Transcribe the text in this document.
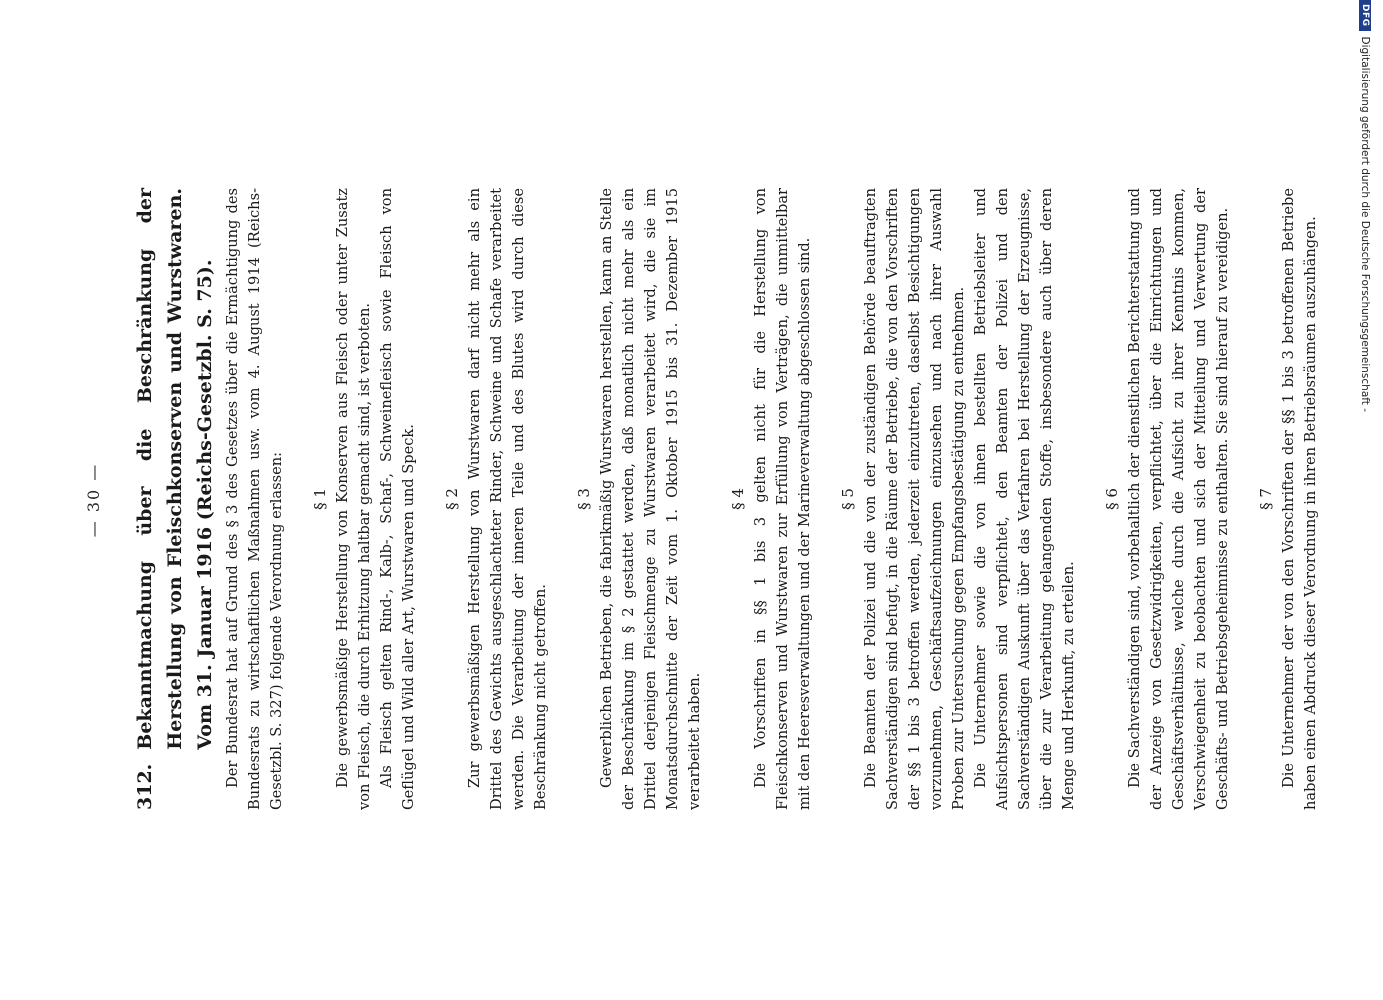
— 30 —
312.
Bekanntmachung über die Beschränkung der Herstellung von Fleischkonserven und Wurstwaren. Vom 31. Januar 1916 (Reichs-Gesetzbl. S. 75). Der Bundesrat hat auf Grund des § 3 des Gesetzes über die Ermächtigung des Bundesrats zu wirtschaftlichen Maßnahmen usw. vom 4. August 1914 (Reichs-Gesetzbl. S. 327) folgende Verordnung erlassen: § 1 Die gewerbsmäßige Herstellung von Konserven aus Fleisch oder unter Zusatz von Fleisch, die durch Erhitzung haltbar gemacht sind, ist verboten. Als Fleisch gelten Rind-, Kalb-, Schaf-, Schweinefleisch sowie Fleisch von Geflügel und Wild aller Art, Wurstwaren und Speck. § 2 Zur gewerbsmäßigen Herstellung von Wurstwaren darf nicht mehr als ein Drittel des Gewichts ausgeschlachteter Rinder, Schweine und Schafe verarbeitet werden. Die Verarbeitung der inneren Teile und des Blutes wird durch diese Beschränkung nicht getroffen.

§ 3 Gewerblichen Betrieben, die fabrikmäßig Wurstwaren herstellen, kann an Stelle der Beschränkung im § 2 gestattet werden, daß monatlich nicht mehr als ein Drittel derjenigen Fleischmenge zu Wurstwaren verarbeitet wird, die sie im Monatsdurchschnitte der Zeit vom 1. Oktober 1915 bis 31. Dezember 1915 verarbeitet haben.

§ 4 Die Vorschriften in §§ 1 bis 3 gelten nicht für die Herstellung von Fleischkonserven und Wurstwaren zur Erfüllung von Verträgen, die unmittelbar mit den Heeresverwaltungen und der Marineverwaltung abgeschlossen sind. § 5 Die Beamten der Polizei und die von der zuständigen Behörde beauftragten Sachverständigen sind befugt, in die Räume der Betriebe, die von den Vorschriften der §§ 1 bis 3 betroffen werden, jederzeit einzutreten, daselbst Besichtigungen vorzunehmen, Geschäftsaufzeichnungen einzusehen und nach ihrer Auswahl Proben zur Untersuchung gegen Empfangsbestätigung zu entnehmen. Die Unternehmer sowie die von ihnen bestellten Betriebsleiter und Aufsichtspersonen sind verpflichtet, den Beamten der Polizei und den Sachverständigen Auskunft über das Verfahren bei Herstellung der Erzeugnisse, über die zur Verarbeitung gelangenden Stoffe, insbesondere auch über deren Menge und Herkunft, zu erteilen.

§ 6 Die Sachverständigen sind, vorbehaltlich der dienstlichen Berichterstattung und der Anzeige von Gesetzwidrigkeiten, verpflichtet, über die Einrichtungen und Geschäftsverhältnisse, welche durch die Aufsicht zu ihrer Kenntnis kommen, Verschwiegenheit zu beobachten und sich der Mitteilung und Verwertung der Geschäfts- und Betriebsgeheimnisse zu enthalten. Sie sind hierauf zu vereidigen. § 7 Die Unternehmer der von den Vorschriften der §§ 1 bis 3 betroffenen Betriebe haben einen Abdruck dieser Verordnung in ihren Betriebsräumen auszuhängen.

DFG
Digitalisierung gefördert durch die Deutsche Forschungsgemeinschaft -
